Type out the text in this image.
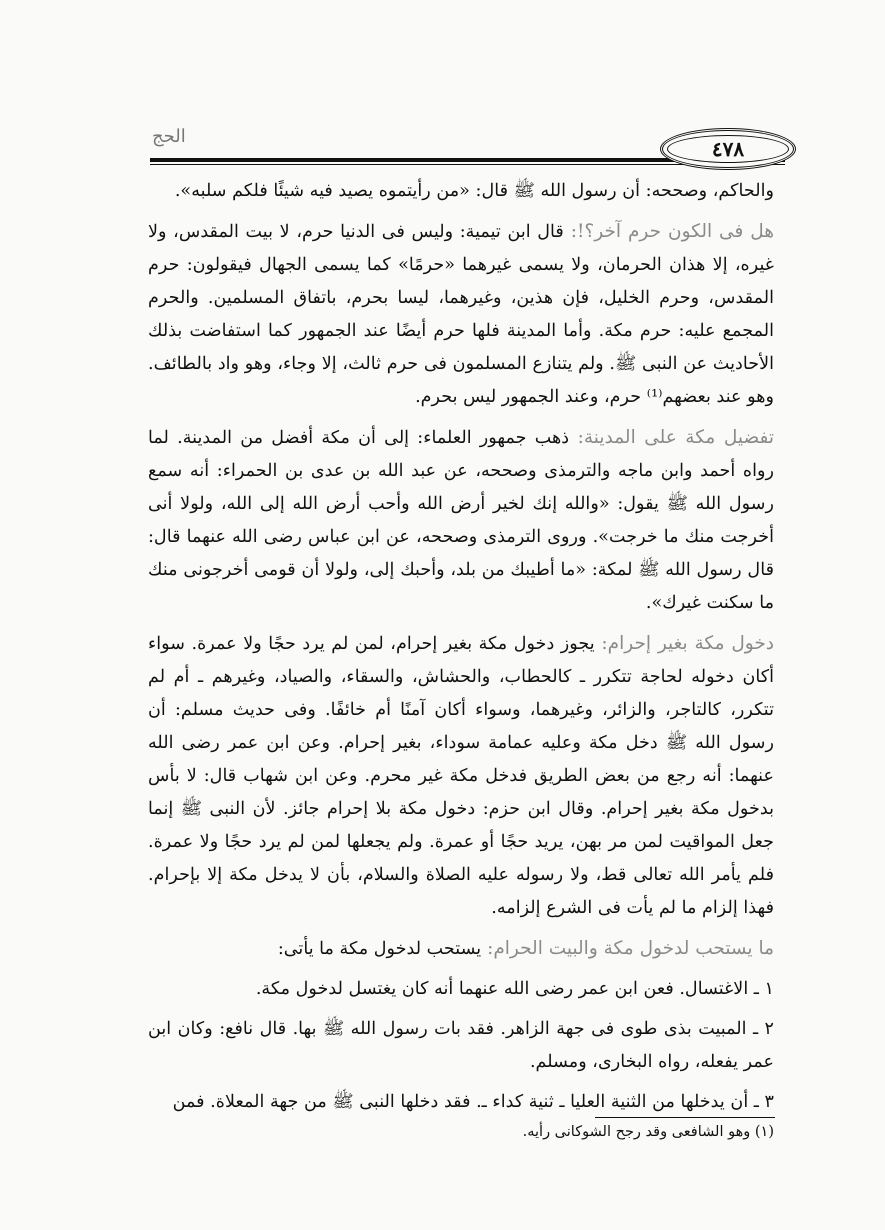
الحج
٤٧٨

والحاكم، وصححه: أن رسول الله ﷺ قال: «من رأيتموه يصيد فيه شيئًا فلكم سلبه».

هل فى الكون حرم آخر؟!: قال ابن تيمية: وليس فى الدنيا حرم، لا بيت المقدس، ولا غيره، إلا هذان الحرمان، ولا يسمى غيرهما «حرمًا» كما يسمى الجهال فيقولون: حرم المقدس، وحرم الخليل، فإن هذين، وغيرهما، ليسا بحرم، باتفاق المسلمين. والحرم المجمع عليه: حرم مكة. وأما المدينة فلها حرم أيضًا عند الجمهور كما استفاضت بذلك الأحاديث عن النبى ﷺ. ولم يتنازع المسلمون فى حرم ثالث، إلا وجاء، وهو واد بالطائف. وهو عند بعضهم⁽¹⁾ حرم، وعند الجمهور ليس بحرم.

تفضيل مكة على المدينة: ذهب جمهور العلماء: إلى أن مكة أفضل من المدينة. لما رواه أحمد وابن ماجه والترمذى وصححه، عن عبد الله بن عدى بن الحمراء: أنه سمع رسول الله ﷺ يقول: «والله إنك لخير أرض الله وأحب أرض الله إلى الله، ولولا أنى أخرجت منك ما خرجت». وروى الترمذى وصححه، عن ابن عباس رضى الله عنهما قال: قال رسول الله ﷺ لمكة: «ما أطيبك من بلد، وأحبك إلى، ولولا أن قومى أخرجونى منك ما سكنت غيرك».

دخول مكة بغير إحرام: يجوز دخول مكة بغير إحرام، لمن لم يرد حجًا ولا عمرة. سواء أكان دخوله لحاجة تتكرر ـ كالحطاب، والحشاش، والسقاء، والصياد، وغيرهم ـ أم لم تتكرر، كالتاجر، والزائر، وغيرهما، وسواء أكان آمنًا أم خائفًا. وفى حديث مسلم: أن رسول الله ﷺ دخل مكة وعليه عمامة سوداء، بغير إحرام. وعن ابن عمر رضى الله عنهما: أنه رجع من بعض الطريق فدخل مكة غير محرم. وعن ابن شهاب قال: لا بأس بدخول مكة بغير إحرام. وقال ابن حزم: دخول مكة بلا إحرام جائز. لأن النبى ﷺ إنما جعل المواقيت لمن مر بهن، يريد حجًا أو عمرة. ولم يجعلها لمن لم يرد حجًا ولا عمرة. فلم يأمر الله تعالى قط، ولا رسوله عليه الصلاة والسلام، بأن لا يدخل مكة إلا بإحرام. فهذا إلزام ما لم يأت فى الشرع إلزامه.

ما يستحب لدخول مكة والبيت الحرام: يستحب لدخول مكة ما يأتى:

١ ـ الاغتسال. فعن ابن عمر رضى الله عنهما أنه كان يغتسل لدخول مكة.

٢ ـ المبيت بذى طوى فى جهة الزاهر. فقد بات رسول الله ﷺ بها. قال نافع: وكان ابن عمر يفعله، رواه البخارى، ومسلم.

٣ ـ أن يدخلها من الثنية العليا ـ ثنية كداء ـ. فقد دخلها النبى ﷺ من جهة المعلاة. فمن

(١) وهو الشافعى وقد رجح الشوكانى رأيه.
